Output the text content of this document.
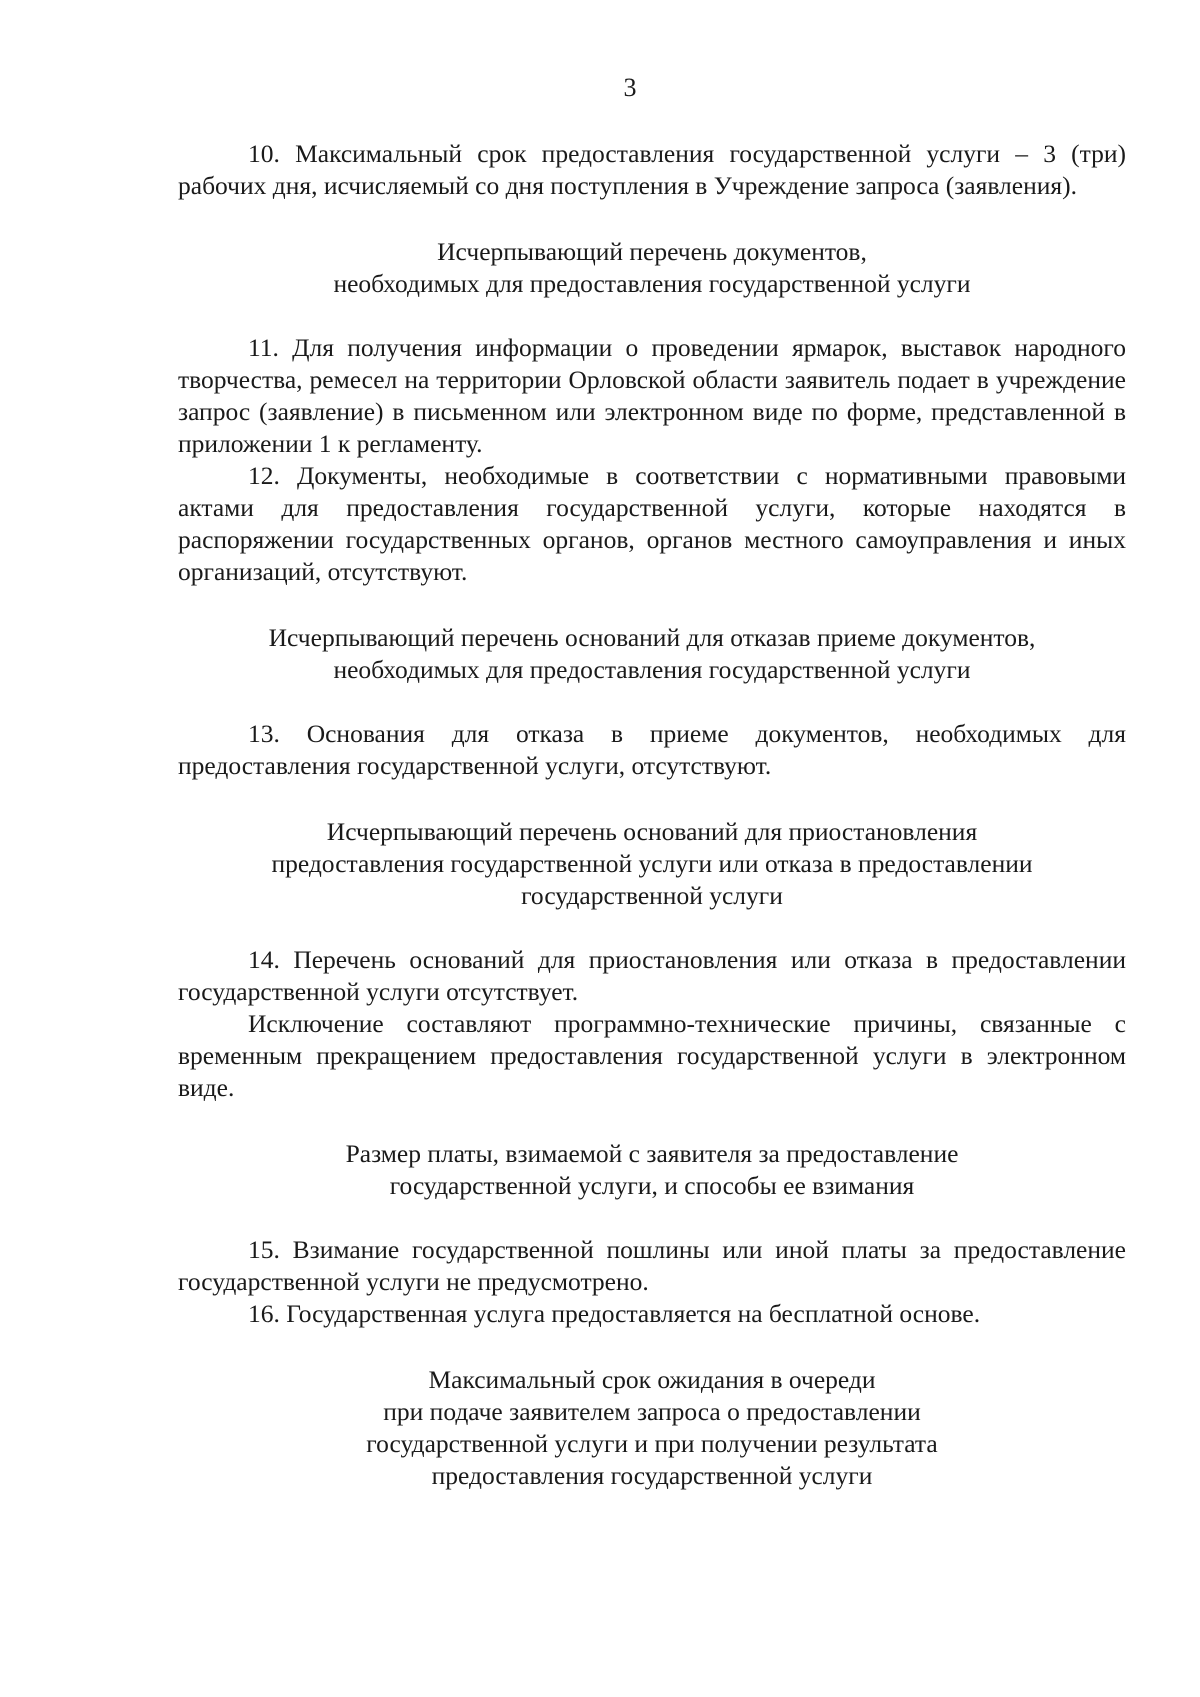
3

10. Максимальный срок предоставления государственной услуги – 3 (три) рабочих дня, исчисляемый со дня поступления в Учреждение запроса (заявления).

Исчерпывающий перечень документов,
необходимых для предоставления государственной услуги

11. Для получения информации о проведении ярмарок, выставок народного творчества, ремесел на территории Орловской области заявитель подает в учреждение запрос (заявление) в письменном или электронном виде по форме, представленной в приложении 1 к регламенту.

12. Документы, необходимые в соответствии с нормативными правовыми актами для предоставления государственной услуги, которые находятся в распоряжении государственных органов, органов местного самоуправления и иных организаций, отсутствуют.

Исчерпывающий перечень оснований для отказав приеме документов,
необходимых для предоставления государственной услуги

13. Основания для отказа в приеме документов, необходимых для предоставления государственной услуги, отсутствуют.

Исчерпывающий перечень оснований для приостановления
предоставления государственной услуги или отказа в предоставлении
государственной услуги

14. Перечень оснований для приостановления или отказа в предоставлении государственной услуги отсутствует.

Исключение составляют программно-технические причины, связанные с временным прекращением предоставления государственной услуги в электронном виде.

Размер платы, взимаемой с заявителя за предоставление
государственной услуги, и способы ее взимания

15. Взимание государственной пошлины или иной платы за предоставление государственной услуги не предусмотрено.

16. Государственная услуга предоставляется на бесплатной основе.

Максимальный срок ожидания в очереди
при подаче заявителем запроса о предоставлении
государственной услуги и при получении результата
предоставления государственной услуги
